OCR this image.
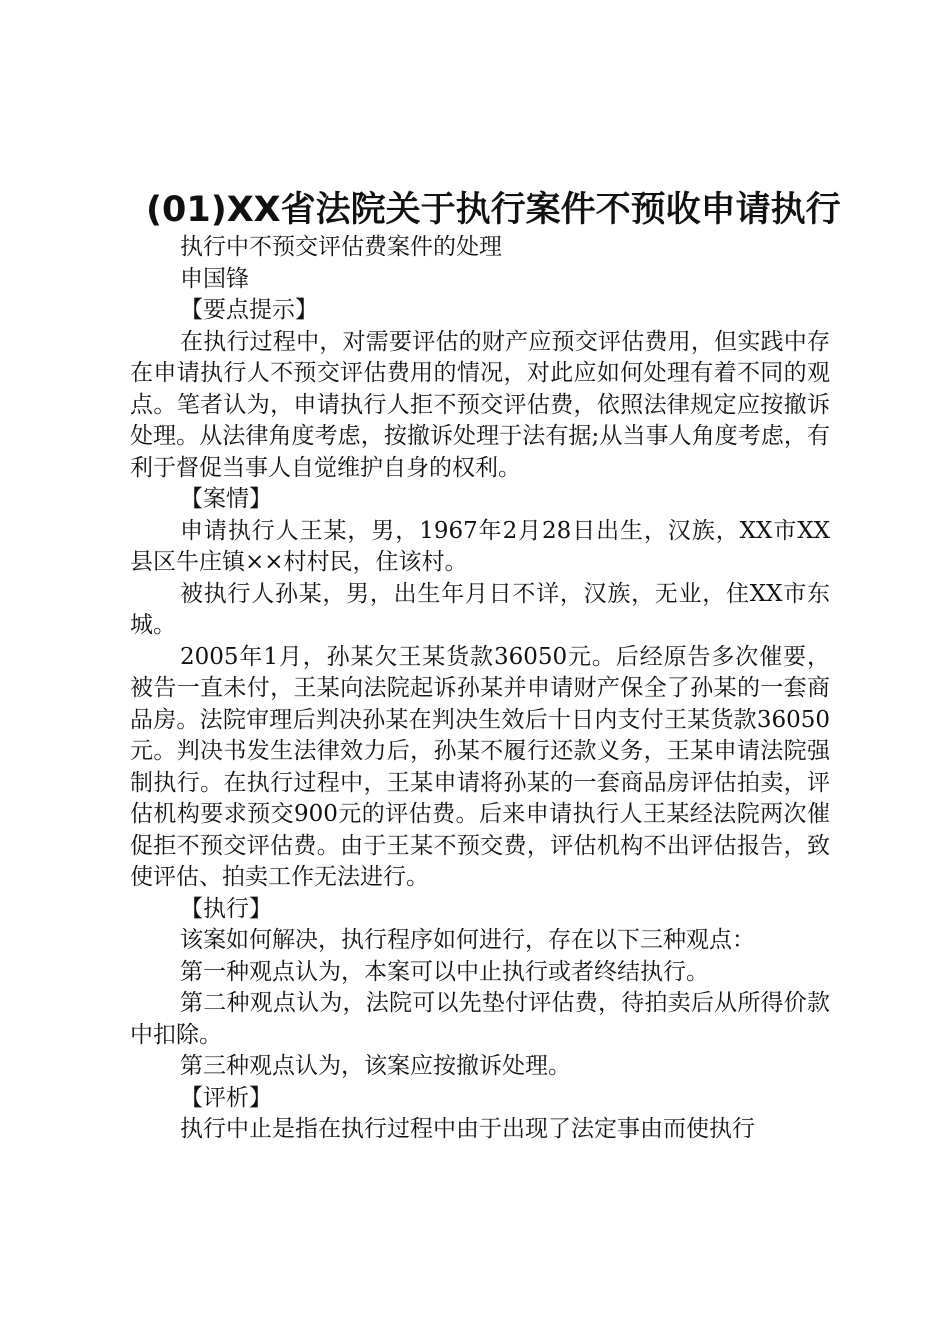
(01)XX省法院关于执行案件不预收申请执行

执行中不预交评估费案件的处理

申国锋

【要点提示】

在执行过程中，对需要评估的财产应预交评估费用，但实践中存在申请执行人不预交评估费用的情况，对此应如何处理有着不同的观点。笔者认为，申请执行人拒不预交评估费，依照法律规定应按撤诉处理。从法律角度考虑，按撤诉处理于法有据;从当事人角度考虑，有利于督促当事人自觉维护自身的权利。

【案情】

申请执行人王某，男，1967年2月28日出生，汉族，XX市XX县区牛庄镇××村村民，住该村。

被执行人孙某，男，出生年月日不详，汉族，无业，住XX市东城。

2005年1月，孙某欠王某货款36050元。后经原告多次催要，被告一直未付，王某向法院起诉孙某并申请财产保全了孙某的一套商品房。法院审理后判决孙某在判决生效后十日内支付王某货款36050元。判决书发生法律效力后，孙某不履行还款义务，王某申请法院强制执行。在执行过程中，王某申请将孙某的一套商品房评估拍卖，评估机构要求预交900元的评估费。后来申请执行人王某经法院两次催促拒不预交评估费。由于王某不预交费，评估机构不出评估报告，致使评估、拍卖工作无法进行。

【执行】

该案如何解决，执行程序如何进行，存在以下三种观点：

第一种观点认为，本案可以中止执行或者终结执行。

第二种观点认为，法院可以先垫付评估费，待拍卖后从所得价款中扣除。

第三种观点认为，该案应按撤诉处理。

【评析】

执行中止是指在执行过程中由于出现了法定事由而使执行
